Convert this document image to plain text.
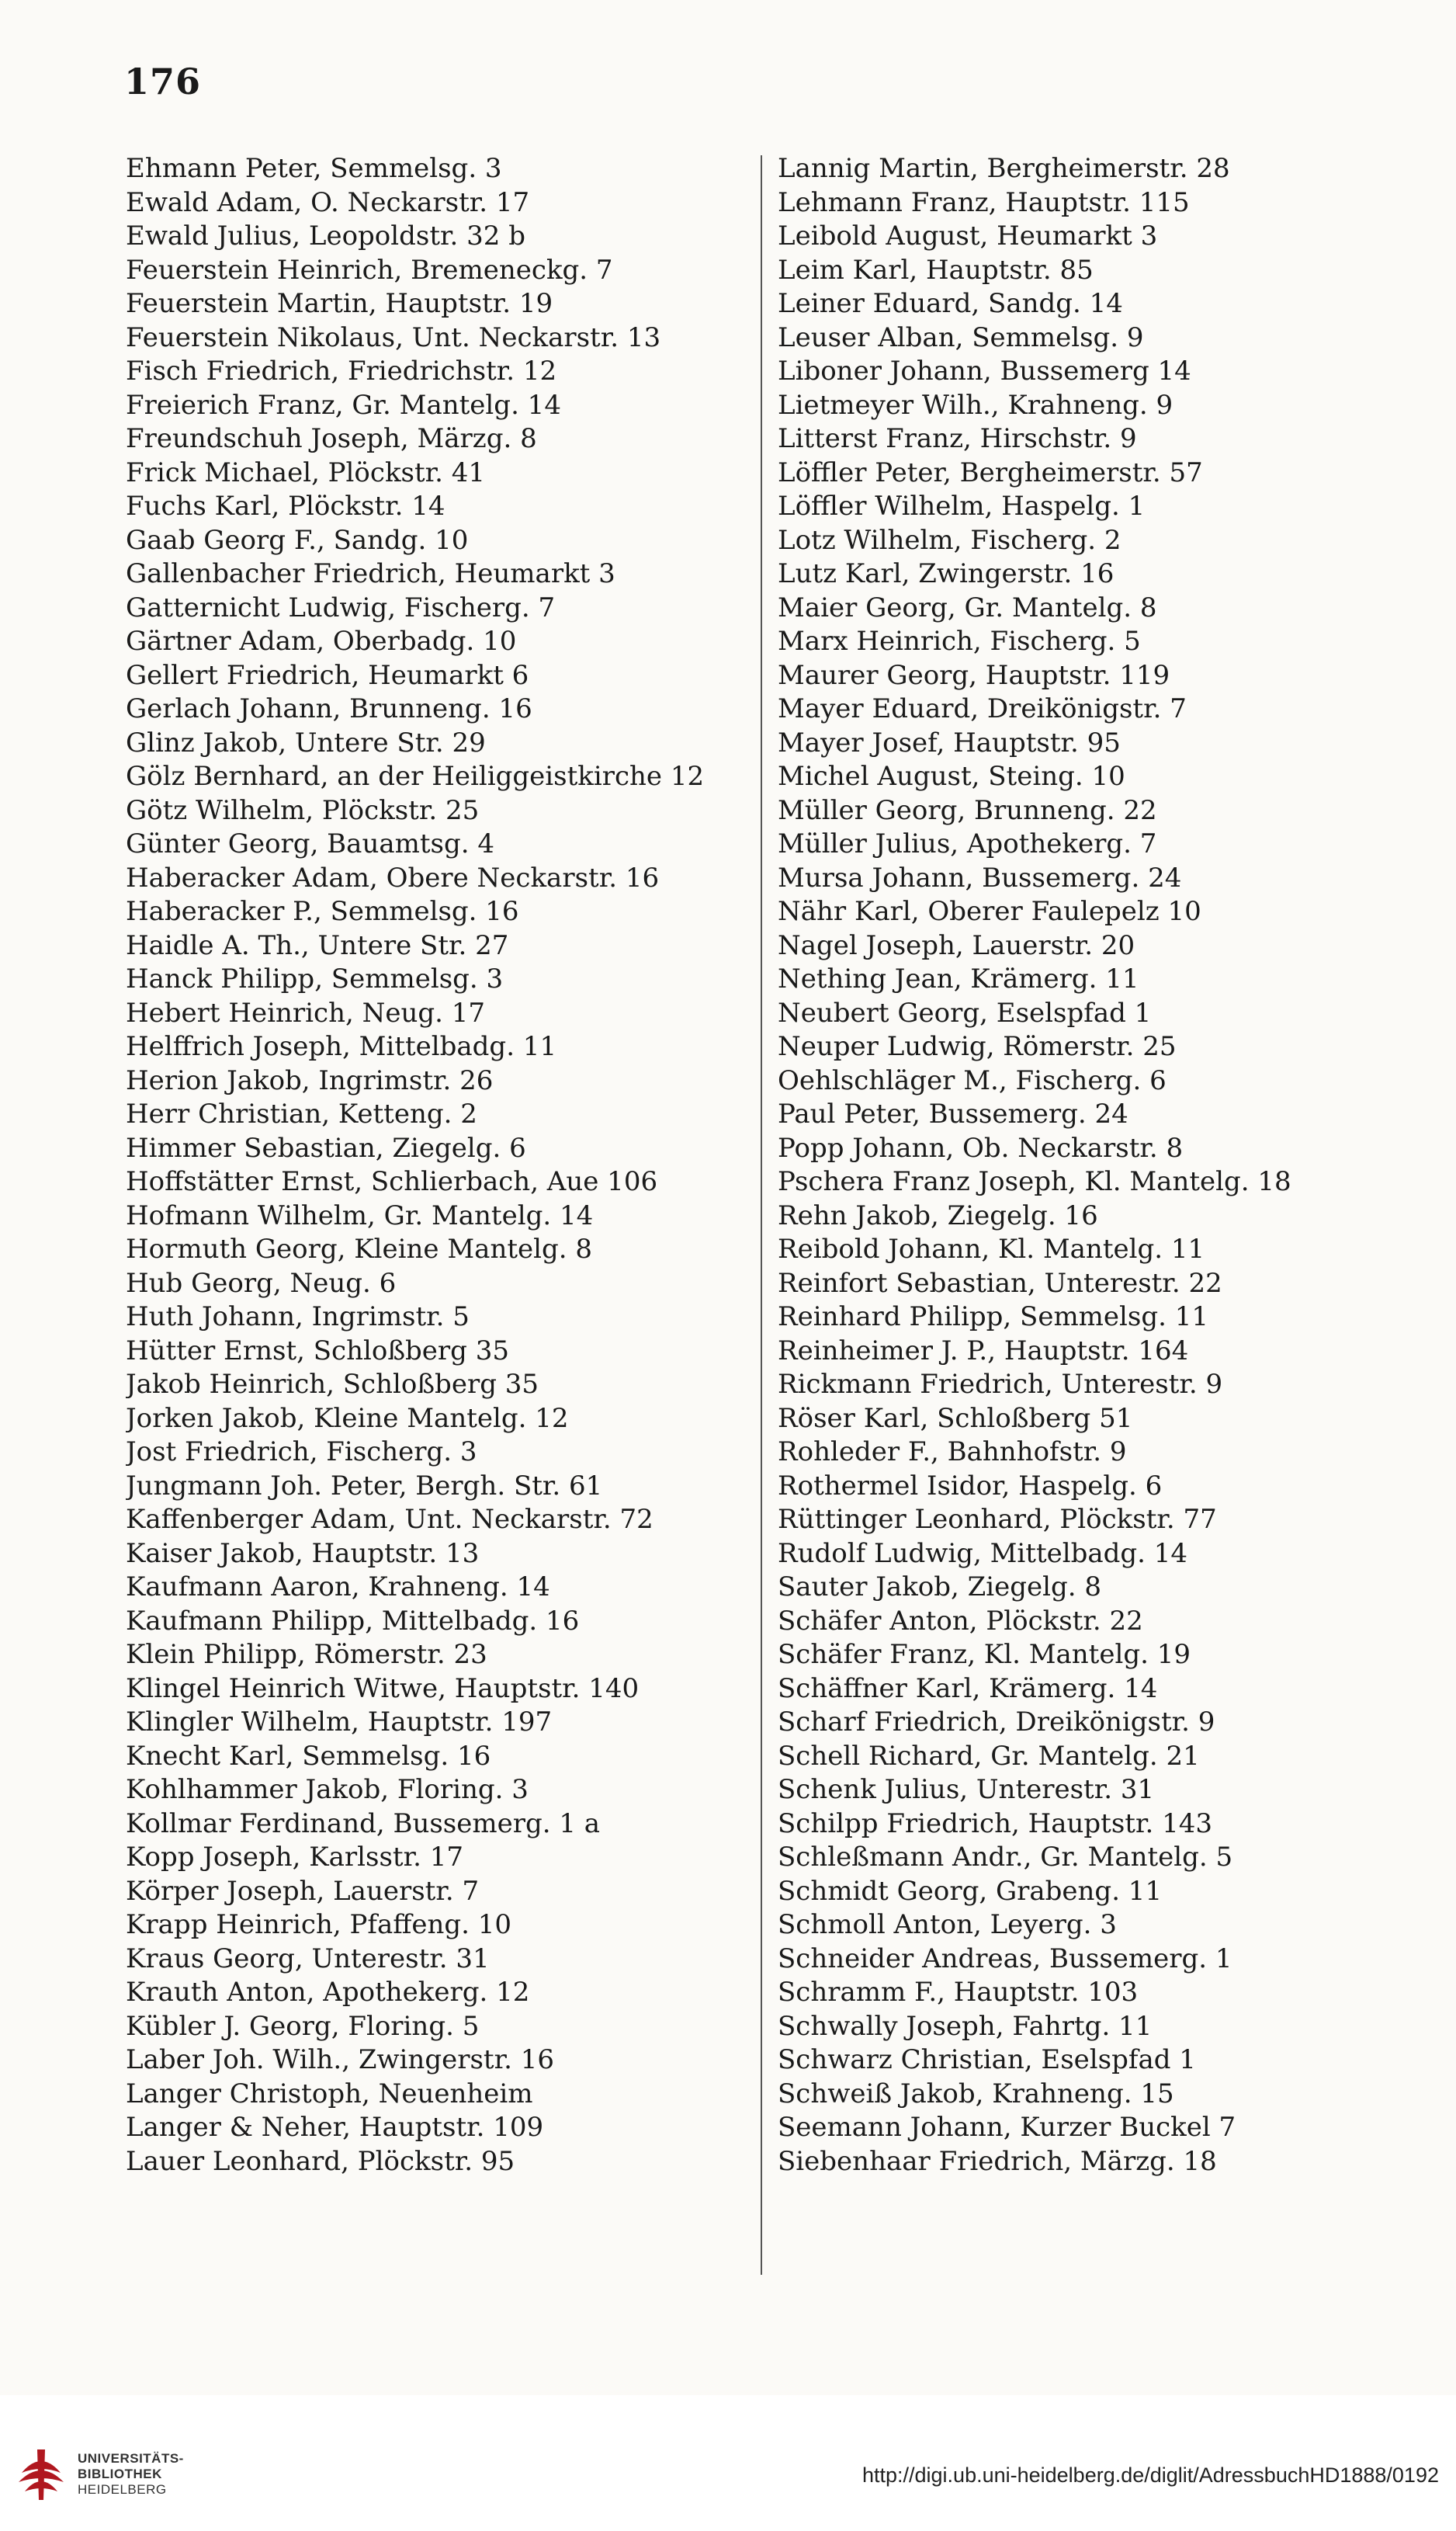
176
Ehmann Peter, Semmelsg. 3
Ewald Adam, O. Neckarstr. 17
Ewald Julius, Leopoldstr. 32 b
Feuerstein Heinrich, Bremeneckg. 7
Feuerstein Martin, Hauptstr. 19
Feuerstein Nikolaus, Unt. Neckarstr. 13
Fisch Friedrich, Friedrichstr. 12
Freierich Franz, Gr. Mantelg. 14
Freundschuh Joseph, Märzg. 8
Frick Michael, Plöckstr. 41
Fuchs Karl, Plöckstr. 14
Gaab Georg F., Sandg. 10
Gallenbacher Friedrich, Heumarkt 3
Gatternicht Ludwig, Fischerg. 7
Gärtner Adam, Oberbadg. 10
Gellert Friedrich, Heumarkt 6
Gerlach Johann, Brunneng. 16
Glinz Jakob, Untere Str. 29
Gölz Bernhard, an der Heiliggeistkirche 12
Götz Wilhelm, Plöckstr. 25
Günter Georg, Bauamtsg. 4
Haberacker Adam, Obere Neckarstr. 16
Haberacker P., Semmelsg. 16
Haidle A. Th., Untere Str. 27
Hanck Philipp, Semmelsg. 3
Hebert Heinrich, Neug. 17
Helffrich Joseph, Mittelbadg. 11
Herion Jakob, Ingrimstr. 26
Herr Christian, Ketteng. 2
Himmer Sebastian, Ziegelg. 6
Hoffstätter Ernst, Schlierbach, Aue 106
Hofmann Wilhelm, Gr. Mantelg. 14
Hormuth Georg, Kleine Mantelg. 8
Hub Georg, Neug. 6
Huth Johann, Ingrimstr. 5
Hütter Ernst, Schloßberg 35
Jakob Heinrich, Schloßberg 35
Jorken Jakob, Kleine Mantelg. 12
Jost Friedrich, Fischerg. 3
Jungmann Joh. Peter, Bergh. Str. 61
Kaffenberger Adam, Unt. Neckarstr. 72
Kaiser Jakob, Hauptstr. 13
Kaufmann Aaron, Krahneng. 14
Kaufmann Philipp, Mittelbadg. 16
Klein Philipp, Römerstr. 23
Klingel Heinrich Witwe, Hauptstr. 140
Klingler Wilhelm, Hauptstr. 197
Knecht Karl, Semmelsg. 16
Kohlhammer Jakob, Floring. 3
Kollmar Ferdinand, Bussemerg. 1 a
Kopp Joseph, Karlsstr. 17
Körper Joseph, Lauerstr. 7
Krapp Heinrich, Pfaffeng. 10
Kraus Georg, Unterestr. 31
Krauth Anton, Apothekerg. 12
Kübler J. Georg, Floring. 5
Laber Joh. Wilh., Zwingerstr. 16
Langer Christoph, Neuenheim
Langer & Neher, Hauptstr. 109
Lauer Leonhard, Plöckstr. 95
Lannig Martin, Bergheimerstr. 28
Lehmann Franz, Hauptstr. 115
Leibold August, Heumarkt 3
Leim Karl, Hauptstr. 85
Leiner Eduard, Sandg. 14
Leuser Alban, Semmelsg. 9
Liboner Johann, Bussemerg 14
Lietmeyer Wilh., Krahneng. 9
Litterst Franz, Hirschstr. 9
Löffler Peter, Bergheimerstr. 57
Löffler Wilhelm, Haspelg. 1
Lotz Wilhelm, Fischerg. 2
Lutz Karl, Zwingerstr. 16
Maier Georg, Gr. Mantelg. 8
Marx Heinrich, Fischerg. 5
Maurer Georg, Hauptstr. 119
Mayer Eduard, Dreikönigstr. 7
Mayer Josef, Hauptstr. 95
Michel August, Steing. 10
Müller Georg, Brunneng. 22
Müller Julius, Apothekerg. 7
Mursa Johann, Bussemerg. 24
Nähr Karl, Oberer Faulepelz 10
Nagel Joseph, Lauerstr. 20
Nething Jean, Krämerg. 11
Neubert Georg, Eselspfad 1
Neuper Ludwig, Römerstr. 25
Oehlschläger M., Fischerg. 6
Paul Peter, Bussemerg. 24
Popp Johann, Ob. Neckarstr. 8
Pschera Franz Joseph, Kl. Mantelg. 18
Rehn Jakob, Ziegelg. 16
Reibold Johann, Kl. Mantelg. 11
Reinfort Sebastian, Unterestr. 22
Reinhard Philipp, Semmelsg. 11
Reinheimer J. P., Hauptstr. 164
Rickmann Friedrich, Unterestr. 9
Röser Karl, Schloßberg 51
Rohleder F., Bahnhofstr. 9
Rothermel Isidor, Haspelg. 6
Rüttinger Leonhard, Plöckstr. 77
Rudolf Ludwig, Mittelbadg. 14
Sauter Jakob, Ziegelg. 8
Schäfer Anton, Plöckstr. 22
Schäfer Franz, Kl. Mantelg. 19
Schäffner Karl, Krämerg. 14
Scharf Friedrich, Dreikönigstr. 9
Schell Richard, Gr. Mantelg. 21
Schenk Julius, Unterestr. 31
Schilpp Friedrich, Hauptstr. 143
Schleßmann Andr., Gr. Mantelg. 5
Schmidt Georg, Grabeng. 11
Schmoll Anton, Leyerg. 3
Schneider Andreas, Bussemerg. 1
Schramm F., Hauptstr. 103
Schwally Joseph, Fahrtg. 11
Schwarz Christian, Eselspfad 1
Schweiß Jakob, Krahneng. 15
Seemann Johann, Kurzer Buckel 7
Siebenhaar Friedrich, Märzg. 18
UNIVERSITÄTS-
BIBLIOTHEK
HEIDELBERG
http://digi.ub.uni-heidelberg.de/diglit/AdressbuchHD1888/0192
